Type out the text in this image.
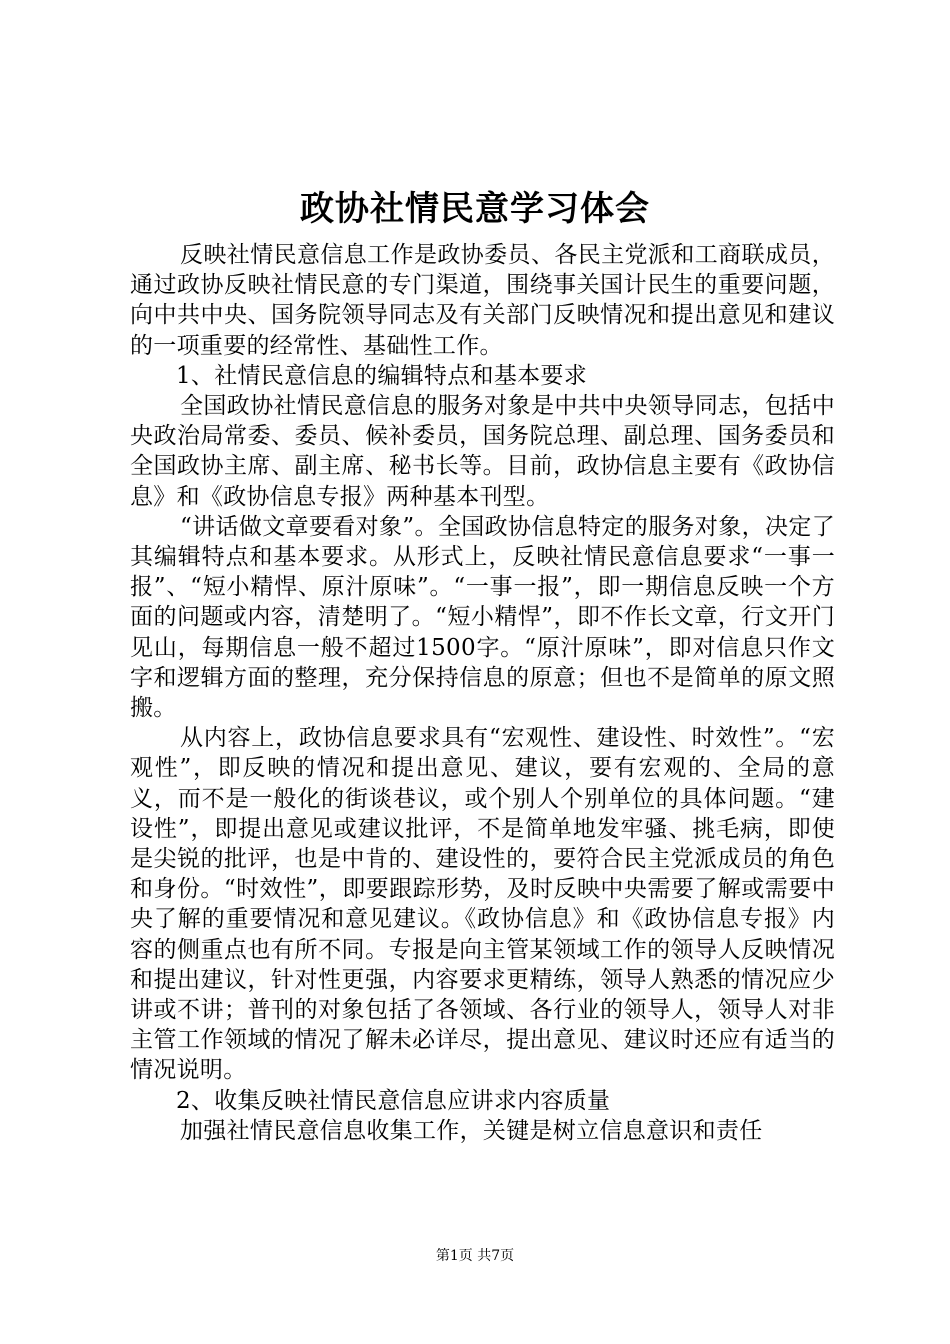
政协社情民意学习体会

反映社情民意信息工作是政协委员、各民主党派和工商联成员，通过政协反映社情民意的专门渠道，围绕事关国计民生的重要问题，向中共中央、国务院领导同志及有关部门反映情况和提出意见和建议的一项重要的经常性、基础性工作。

1、社情民意信息的编辑特点和基本要求

全国政协社情民意信息的服务对象是中共中央领导同志，包括中央政治局常委、委员、候补委员，国务院总理、副总理、国务委员和全国政协主席、副主席、秘书长等。目前，政协信息主要有《政协信息》和《政协信息专报》两种基本刊型。

“讲话做文章要看对象”。全国政协信息特定的服务对象，决定了其编辑特点和基本要求。从形式上，反映社情民意信息要求“一事一报”、“短小精悍、原汁原味”。“一事一报”，即一期信息反映一个方面的问题或内容，清楚明了。“短小精悍”，即不作长文章，行文开门见山，每期信息一般不超过1500字。“原汁原味”，即对信息只作文字和逻辑方面的整理，充分保持信息的原意；但也不是简单的原文照搬。

从内容上，政协信息要求具有“宏观性、建设性、时效性”。“宏观性”，即反映的情况和提出意见、建议，要有宏观的、全局的意义，而不是一般化的街谈巷议，或个别人个别单位的具体问题。“建设性”，即提出意见或建议批评，不是简单地发牢骚、挑毛病，即使是尖锐的批评，也是中肯的、建设性的，要符合民主党派成员的角色和身份。“时效性”，即要跟踪形势，及时反映中央需要了解或需要中央了解的重要情况和意见建议。《政协信息》和《政协信息专报》内容的侧重点也有所不同。专报是向主管某领域工作的领导人反映情况和提出建议，针对性更强，内容要求更精练，领导人熟悉的情况应少讲或不讲；普刊的对象包括了各领域、各行业的领导人，领导人对非主管工作领域的情况了解未必详尽，提出意见、建议时还应有适当的情况说明。

2、收集反映社情民意信息应讲求内容质量

加强社情民意信息收集工作，关键是树立信息意识和责任

第1页 共7页
